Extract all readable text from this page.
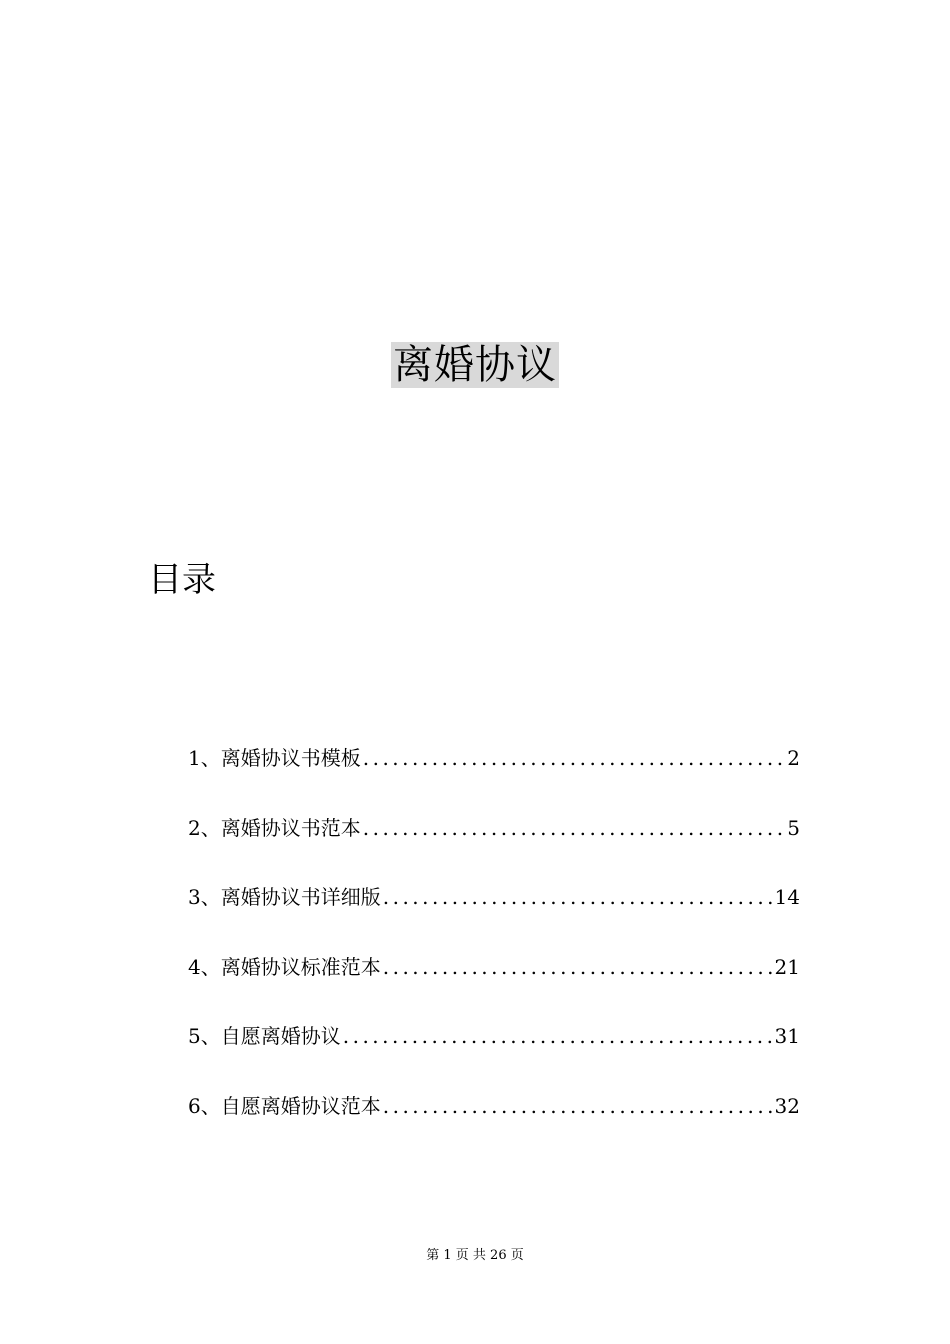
离婚协议
目录
1、 离婚协议书模板 .....	2
2、 离婚协议书范本 .....	5
3、 离婚协议书详细版 .....	14
4、 离婚协议标准范本 .....	21
5、 自愿离婚协议 .....	31
6、 自愿离婚协议范本 .....	32
第 1 页 共 26 页
